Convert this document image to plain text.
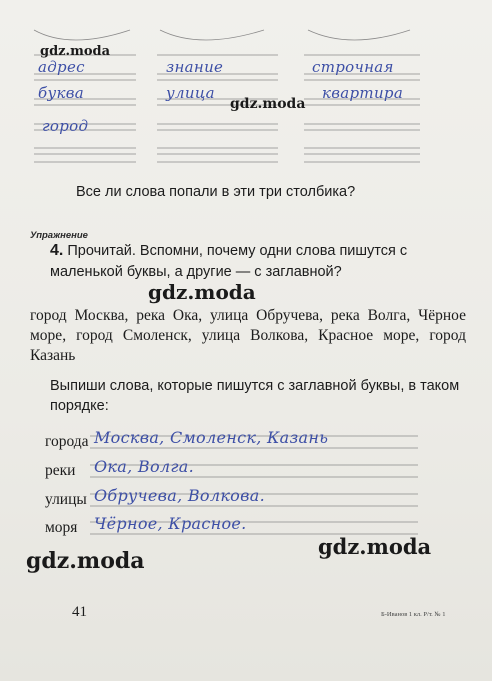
адрес
буква
город
знание
улица
строчная
квартира
gdz.moda
gdz.moda
gdz.moda
gdz.moda
gdz.moda
Все ли слова попали в эти три столбика?
Упражнение
4. Прочитай. Вспомни, почему одни слова пишутся с маленькой буквы, а другие — с заглавной?
город Москва, река Ока, улица Обручева, река Волга, Чёрное море, город Смоленск, улица Волкова, Красное море, город Казань
Выпиши слова, которые пишутся с заглавной буквы, в таком порядке:
города Москва, Смоленск, Казань
реки Ока, Волга.
улицы Обручева, Волкова.
моря Чёрное, Красное.
41	Б-Иванов 1 кл. Р/т. № 1
